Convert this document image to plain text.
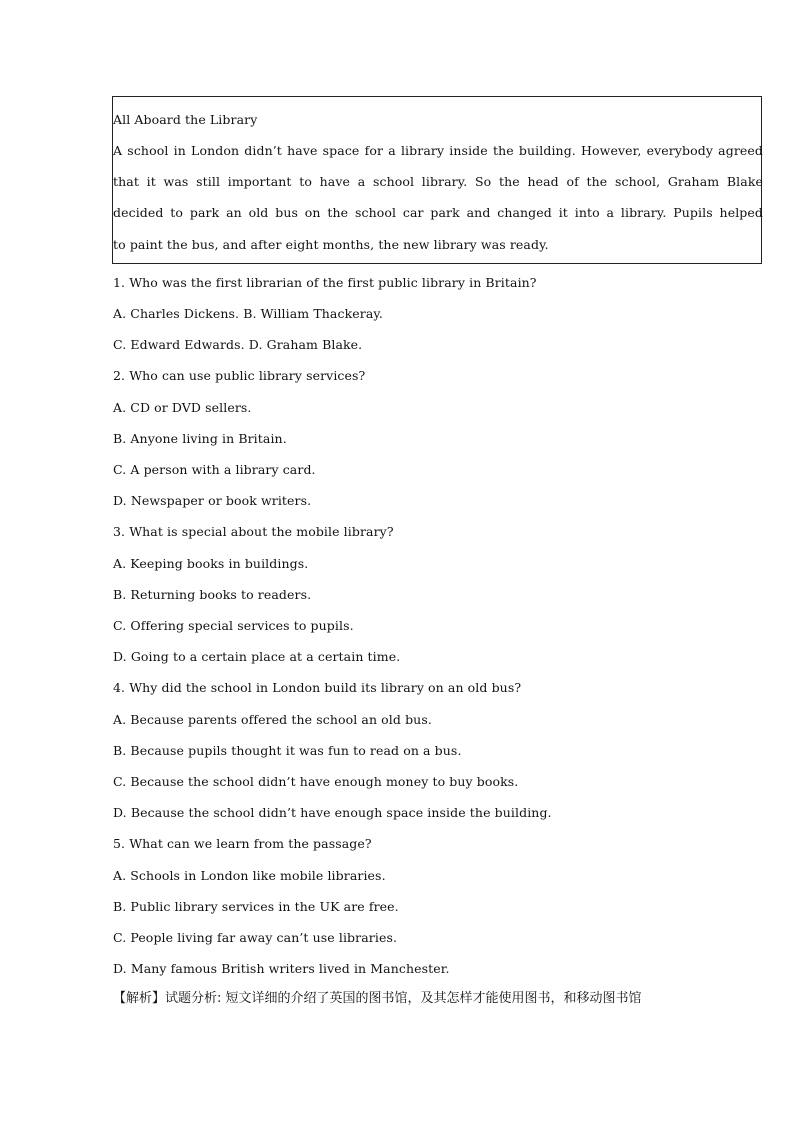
All Aboard the Library
A school in London didn’t have space for a library inside the building. However, everybody agreed
that it was still important to have a school library. So the head of the school, Graham Blake
decided to park an old bus on the school car park and changed it into a library. Pupils helped
to paint the bus, and after eight months, the new library was ready.
1. Who was the first librarian of the first public library in Britain?
A. Charles Dickens. B. William Thackeray.
C. Edward Edwards. D. Graham Blake.
2. Who can use public library services?
A. CD or DVD sellers.
B. Anyone living in Britain.
C. A person with a library card.
D. Newspaper or book writers.
3. What is special about the mobile library?
A. Keeping books in buildings.
B. Returning books to readers.
C. Offering special services to pupils.
D. Going to a certain place at a certain time.
4. Why did the school in London build its library on an old bus?
A. Because parents offered the school an old bus.
B. Because pupils thought it was fun to read on a bus.
C. Because the school didn’t have enough money to buy books.
D. Because the school didn’t have enough space inside the building.
5. What can we learn from the passage?
A. Schools in London like mobile libraries.
B. Public library services in the UK are free.
C. People living far away can’t use libraries.
D. Many famous British writers lived in Manchester.
【解析】试题分析: 短文详细的介绍了英国的图书馆，及其怎样才能使用图书，和移动图书馆
